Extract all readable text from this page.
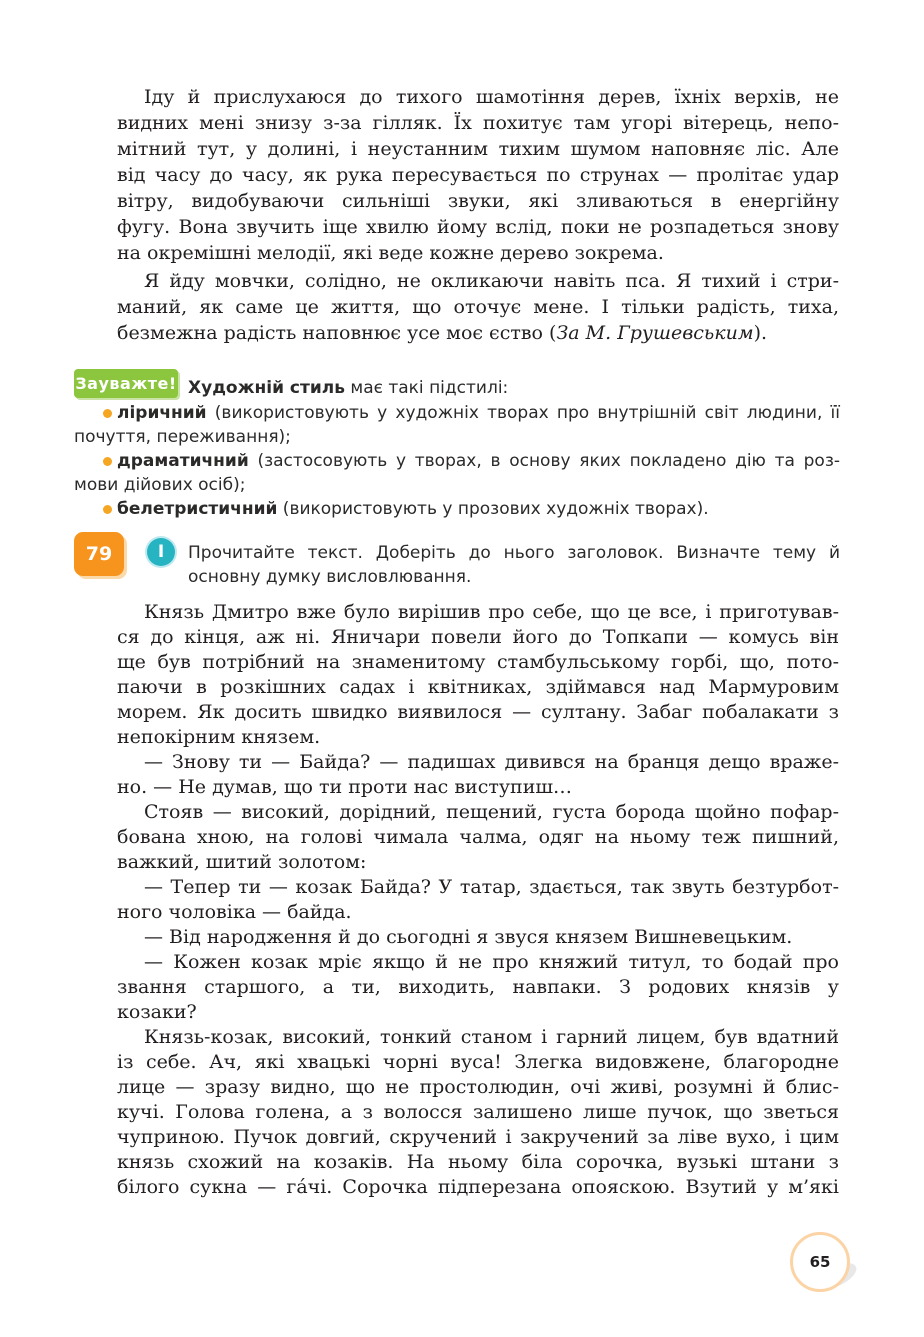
Іду й прислухаюся до тихого шамотіння дерев, їхніх верхів, не
видних мені знизу з-за гілляк. Їх похитує там угорі вітерець, непо-
мітний тут, у долині, і неустанним тихим шумом наповняє ліс. Але
від часу до часу, як рука пересувається по струнах — пролітає удар
вітру, видобуваючи сильніші звуки, які зливаються в енергійну
фугу. Вона звучить іще хвилю йому вслід, поки не розпадеться знову
на окремішні мелодії, які веде кожне дерево зокрема.
Я йду мовчки, солідно, не окликаючи навіть пса. Я тихий і стри-
маний, як саме це життя, що оточує мене. І тільки радість, тиха,
безмежна радість наповнює усе моє єство (За М. Грушевським).
Зауважте! Художній стиль має такі підстилі:
ліричний (використовують у художніх творах про внутрішній світ людини, її
почуття, переживання);
драматичний (застосовують у творах, в основу яких покладено дію та роз-
мови дійових осіб);
белетристичний (використовують у прозових художніх творах).
79	І	Прочитайте текст. Доберіть до нього заголовок. Визначте тему й
основну думку висловлювання.
Князь Дмитро вже було вирішив про себе, що це все, і приготував-
ся до кінця, аж ні. Яничари повели його до Топкапи — комусь він
ще був потрібний на знаменитому стамбульському горбі, що, пото-
паючи в розкішних садах і квітниках, здіймався над Мармуровим
морем. Як досить швидко виявилося — султану. Забаг побалакати з
непокірним князем.
— Знову ти — Байда? — падишах дивився на бранця дещо враже-
но. — Не думав, що ти проти нас виступиш…
Стояв — високий, дорідний, пещений, густа борода щойно пофар-
бована хною, на голові чимала чалма, одяг на ньому теж пишний,
важкий, шитий золотом:
— Тепер ти — козак Байда? У татар, здається, так звуть безтурбот-
ного чоловіка — байда.
— Від народження й до сьогодні я звуся князем Вишневецьким.
— Кожен козак мріє якщо й не про княжий титул, то бодай про
звання старшого, а ти, виходить, навпаки. З родових князів у
козаки?
Князь-козак, високий, тонкий станом і гарний лицем, був вдатний
із себе. Ач, які хвацькі чорні вуса! Злегка видовжене, благородне
лице — зразу видно, що не простолюдин, очі живі, розумні й блис-
кучі. Голова голена, а з волосся залишено лише пучок, що зветься
чуприною. Пучок довгий, скручений і закручений за ліве вухо, і цим
князь схожий на козаків. На ньому біла сорочка, вузькі штани з
білого сукна — га́чі. Сорочка підперезана опояскою. Взутий у м’які
65
